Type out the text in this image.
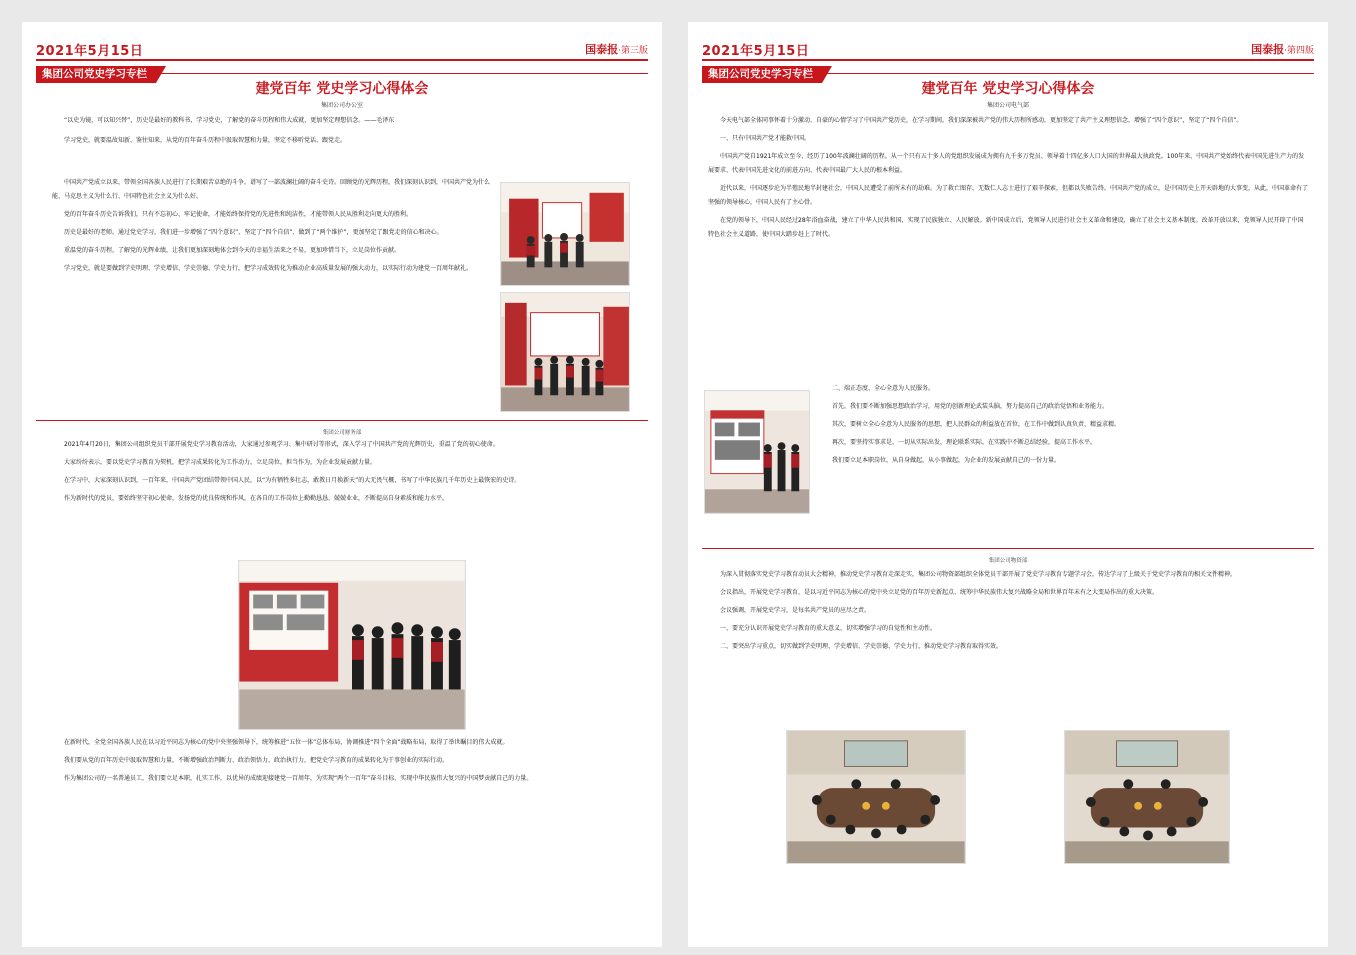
2021年5月15日	国泰报·第三版
集团公司党史学习专栏
建党百年 党史学习心得体会
集团公司办公室
“以史为镜，可以知兴替”，历史是最好的教科书，学习党史，了解党的奋斗历程和伟大成就，更加坚定理想信念。——毛泽东

学习党史，就要温故知新、鉴往知来，从党的百年奋斗历程中汲取智慧和力量，坚定不移听党话、跟党走。

中国共产党成立以来，带领全国各族人民进行了长期艰苦卓绝的斗争，谱写了一部波澜壮阔的奋斗史诗。回顾党的光辉历程，我们深刻认识到，中国共产党为什么能、马克思主义为什么行、中国特色社会主义为什么好。

党的百年奋斗历史告诉我们，只有不忘初心、牢记使命，才能始终保持党的先进性和纯洁性，才能带领人民从胜利走向更大的胜利。

历史是最好的老师。通过党史学习，我们进一步增强了“四个意识”、坚定了“四个自信”、做到了“两个维护”，更加坚定了跟党走的信心和决心。

重温党的奋斗历程，了解党的光辉业绩，让我们更加深刻地体会到今天的幸福生活来之不易，更加珍惜当下，立足岗位作贡献。

学习党史，就是要做到学史明理、学史增信、学史崇德、学史力行，把学习成效转化为推动企业高质量发展的强大动力，以实际行动为建党一百周年献礼。

集团公司财务部

2021年4月20日，集团公司组织党员干部开展党史学习教育活动，大家通过参观学习、集中研讨等形式，深入学习了中国共产党的光辉历史，重温了党的初心使命。

大家纷纷表示，要以党史学习教育为契机，把学习成果转化为工作动力，立足岗位，担当作为，为企业发展贡献力量。

在学习中，大家深刻认识到，一百年来，中国共产党团结带领中国人民，以“为有牺牲多壮志，敢教日月换新天”的大无畏气概，书写了中华民族几千年历史上最恢宏的史诗。

作为新时代的党员，要始终坚守初心使命，发扬党的优良传统和作风，在各自的工作岗位上勤勤恳恳、兢兢业业，不断提高自身素质和能力水平。

在新时代，全党全国各族人民在以习近平同志为核心的党中央坚强领导下，统筹推进“五位一体”总体布局，协调推进“四个全面”战略布局，取得了举世瞩目的伟大成就。

我们要从党的百年历史中汲取智慧和力量，不断增强政治判断力、政治领悟力、政治执行力，把党史学习教育的成果转化为干事创业的实际行动。

作为集团公司的一名普通员工，我们要立足本职，扎实工作，以优异的成绩迎接建党一百周年，为实现“两个一百年”奋斗目标、实现中华民族伟大复兴的中国梦贡献自己的力量。

2021年5月15日	国泰报·第四版
集团公司党史学习专栏
建党百年 党史学习心得体会
集团公司电气部

今天电气部全体同事怀着十分激动、自豪的心情学习了中国共产党历史，在学习期间，我们深深被共产党的伟大历程所感动，更加坚定了共产主义理想信念，增强了“四个意识”，坚定了“四个自信”。

一、只有中国共产党才能救中国。

中国共产党自1921年成立至今，经历了100年波澜壮阔的历程。从一个只有五十多人的党组织发展成为拥有九千多万党员、领导着十四亿多人口大国的世界最大执政党。100年来，中国共产党始终代表中国先进生产力的发展要求、代表中国先进文化的前进方向、代表中国最广大人民的根本利益。

近代以来，中国逐步沦为半殖民地半封建社会，中国人民遭受了前所未有的劫难。为了救亡图存，无数仁人志士进行了艰辛探索，但都以失败告终。中国共产党的成立，是中国历史上开天辟地的大事变，从此，中国革命有了坚强的领导核心，中国人民有了主心骨。

在党的领导下，中国人民经过28年浴血奋战，建立了中华人民共和国，实现了民族独立、人民解放。新中国成立后，党领导人民进行社会主义革命和建设，确立了社会主义基本制度。改革开放以来，党领导人民开辟了中国特色社会主义道路，使中国大踏步赶上了时代。

二、端正态度、全心全意为人民服务。

首先，我们要不断加强思想政治学习，用党的创新理论武装头脑，努力提高自己的政治觉悟和业务能力。

其次，要树立全心全意为人民服务的思想，把人民群众的利益放在首位，在工作中做到认真负责、精益求精。

再次，要坚持实事求是，一切从实际出发，理论联系实际，在实践中不断总结经验，提高工作水平。

我们要立足本职岗位，从自身做起，从小事做起，为企业的发展贡献自己的一份力量。

集团公司物资部

为深入贯彻落实党史学习教育动员大会精神，推动党史学习教育走深走实，集团公司物资部组织全体党员干部开展了党史学习教育专题学习会，传达学习了上级关于党史学习教育的相关文件精神。

会议指出，开展党史学习教育，是以习近平同志为核心的党中央立足党的百年历史新起点、统筹中华民族伟大复兴战略全局和世界百年未有之大变局作出的重大决策。

会议强调，开展党史学习，是每名共产党员的应尽之责。

一、要充分认识开展党史学习教育的重大意义，切实增强学习的自觉性和主动性。

二、要突出学习重点，切实做到学史明理、学史增信、学史崇德、学史力行，推动党史学习教育取得实效。
